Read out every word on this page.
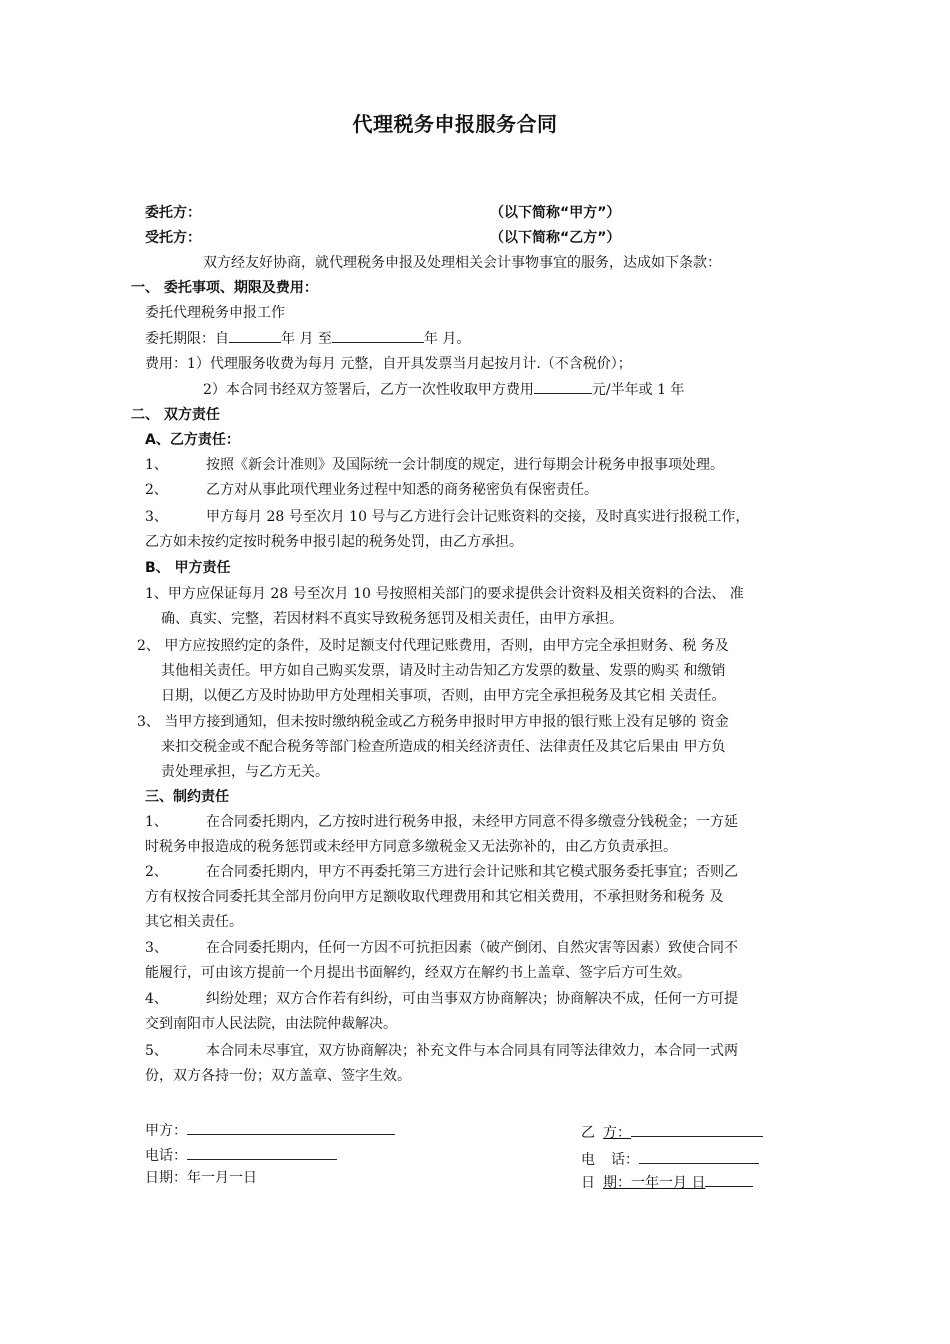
代理税务申报服务合同
委托方：	（以下简称“甲方”）
受托方：	（以下简称“乙方”）
双方经友好协商，就代理税务申报及处理相关会计事物事宜的服务，达成如下条款：
一、 委托事项、期限及费用：
委托代理税务申报工作
委托期限：自	年 月 至	年 月。
费用：1）代理服务收费为每月 元整，自开具发票当月起按月计.（不含税价）；
2）本合同书经双方签署后，乙方一次性收取甲方费用	元/半年或 1 年
二、 双方责任
A、乙方责任：
1、	按照《新会计准则》及国际统一会计制度的规定，进行每期会计税务申报事项处理。
2、	乙方对从事此项代理业务过程中知悉的商务秘密负有保密责任。
3、	甲方每月 28 号至次月 10 号与乙方进行会计记账资料的交接，及时真实进行报税工作，
乙方如未按约定按时税务申报引起的税务处罚，由乙方承担。
B、 甲方责任
1、甲方应保证每月 28 号至次月 10 号按照相关部门的要求提供会计资料及相关资料的合法、 准
确、真实、完整，若因材料不真实导致税务惩罚及相关责任，由甲方承担。
2、 甲方应按照约定的条件，及时足额支付代理记账费用，否则，由甲方完全承担财务、税 务及
其他相关责任。甲方如自己购买发票，请及时主动告知乙方发票的数量、发票的购买 和缴销
日期，以便乙方及时协助甲方处理相关事项，否则，由甲方完全承担税务及其它相 关责任。
3、 当甲方接到通知，但未按时缴纳税金或乙方税务申报时甲方申报的银行账上没有足够的 资金
来扣交税金或不配合税务等部门检查所造成的相关经济责任、法律责任及其它后果由 甲方负
责处理承担，与乙方无关。
三、制约责任
1、	在合同委托期内，乙方按时进行税务申报，未经甲方同意不得多缴壹分钱税金；一方延
时税务申报造成的税务惩罚或未经甲方同意多缴税金又无法弥补的，由乙方负责承担。
2、	在合同委托期内，甲方不再委托第三方进行会计记账和其它模式服务委托事宜；否则乙
方有权按合同委托其全部月份向甲方足额收取代理费用和其它相关费用，不承担财务和税务 及
其它相关责任。
3、	在合同委托期内，任何一方因不可抗拒因素（破产倒闭、自然灾害等因素）致使合同不
能履行，可由该方提前一个月提出书面解约，经双方在解约书上盖章、签字后方可生效。
4、	纠纷处理；双方合作若有纠纷，可由当事双方协商解决；协商解决不成，任何一方可提
交到南阳市人民法院，由法院仲裁解决。
5、	本合同未尽事宜，双方协商解决；补充文件与本合同具有同等法律效力，本合同一式两
份，双方各持一份；双方盖章、签字生效。
甲方：
电话：
日期：年一月一日
乙 方：
电 话：
日 期：一年一月 日
